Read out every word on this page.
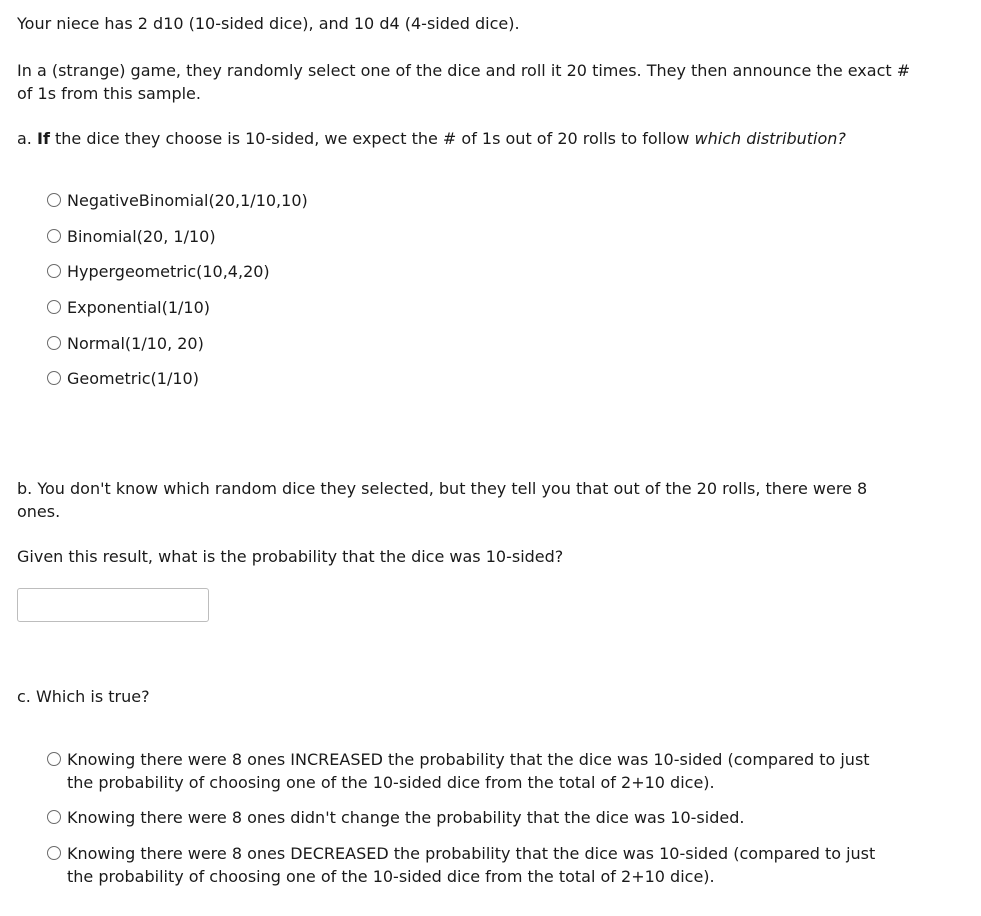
Your niece has 2 d10 (10-sided dice), and 10 d4 (4-sided dice).

In a (strange) game, they randomly select one of the dice and roll it 20 times. They then announce the exact # of 1s from this sample.

a. If the dice they choose is 10-sided, we expect the # of 1s out of 20 rolls to follow which distribution?

NegativeBinomial(20,1/10,10)
Binomial(20, 1/10)
Hypergeometric(10,4,20)
Exponential(1/10)
Normal(1/10, 20)
Geometric(1/10)

b. You don't know which random dice they selected, but they tell you that out of the 20 rolls, there were 8 ones.

Given this result, what is the probability that the dice was 10-sided?

c. Which is true?

Knowing there were 8 ones INCREASED the probability that the dice was 10-sided (compared to just the probability of choosing one of the 10-sided dice from the total of 2+10 dice).
Knowing there were 8 ones didn't change the probability that the dice was 10-sided.
Knowing there were 8 ones DECREASED the probability that the dice was 10-sided (compared to just the probability of choosing one of the 10-sided dice from the total of 2+10 dice).
